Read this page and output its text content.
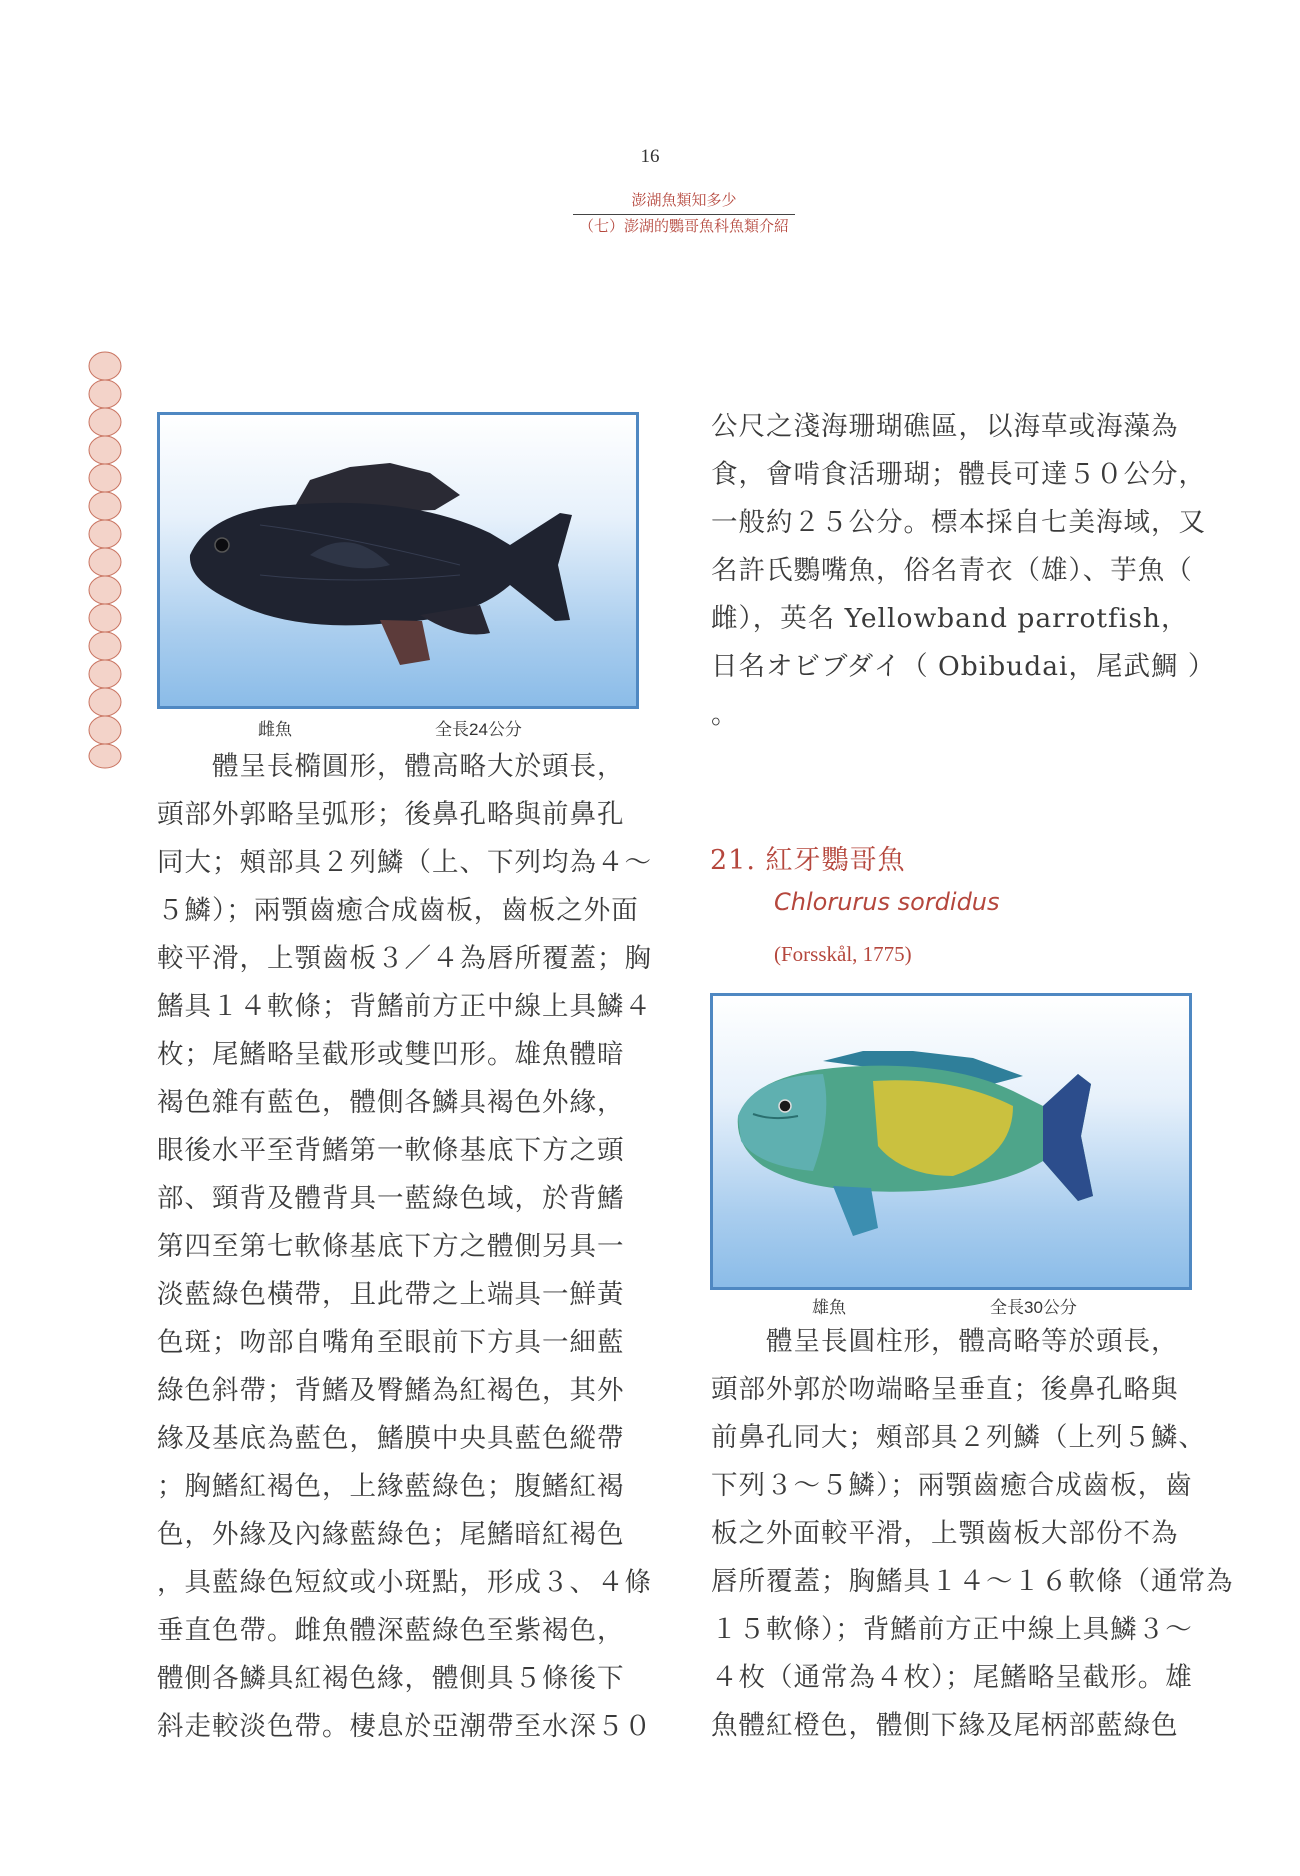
16
澎湖魚類知多少
（七）澎湖的鸚哥魚科魚類介紹
雌魚	全長24公分
　　體呈長橢圓形，體高略大於頭長，
頭部外郭略呈弧形；後鼻孔略與前鼻孔
同大；頰部具２列鱗（上、下列均為４～
５鱗）；兩顎齒癒合成齒板，齒板之外面
較平滑，上顎齒板３／４為唇所覆蓋；胸
鰭具１４軟條；背鰭前方正中線上具鱗４
枚；尾鰭略呈截形或雙凹形。雄魚體暗
褐色雜有藍色，體側各鱗具褐色外緣，
眼後水平至背鰭第一軟條基底下方之頭
部、頸背及體背具一藍綠色域，於背鰭
第四至第七軟條基底下方之體側另具一
淡藍綠色橫帶，且此帶之上端具一鮮黃
色斑；吻部自嘴角至眼前下方具一細藍
綠色斜帶；背鰭及臀鰭為紅褐色，其外
緣及基底為藍色，鰭膜中央具藍色縱帶
；胸鰭紅褐色，上緣藍綠色；腹鰭紅褐
色，外緣及內緣藍綠色；尾鰭暗紅褐色
，具藍綠色短紋或小斑點，形成３、４條
垂直色帶。雌魚體深藍綠色至紫褐色，
體側各鱗具紅褐色緣，體側具５條後下
斜走較淡色帶。棲息於亞潮帶至水深５０
公尺之淺海珊瑚礁區，以海草或海藻為
食，會啃食活珊瑚；體長可達５０公分，
一般約２５公分。標本採自七美海域，又
名許氏鸚嘴魚，俗名青衣（雄）、芋魚（
雌），英名 Yellowband parrotfish，
日名オビブダイ（ Obibudai，尾武鯛 ）
。
21. 紅牙鸚哥魚
Chlorurus sordidus
(Forsskål, 1775)
雄魚	全長30公分
　　體呈長圓柱形，體高略等於頭長，
頭部外郭於吻端略呈垂直；後鼻孔略與
前鼻孔同大；頰部具２列鱗（上列５鱗、
下列３～５鱗）；兩顎齒癒合成齒板，齒
板之外面較平滑，上顎齒板大部份不為
唇所覆蓋；胸鰭具１４～１６軟條（通常為
１５軟條）；背鰭前方正中線上具鱗３～
４枚（通常為４枚）；尾鰭略呈截形。雄
魚體紅橙色，體側下緣及尾柄部藍綠色
